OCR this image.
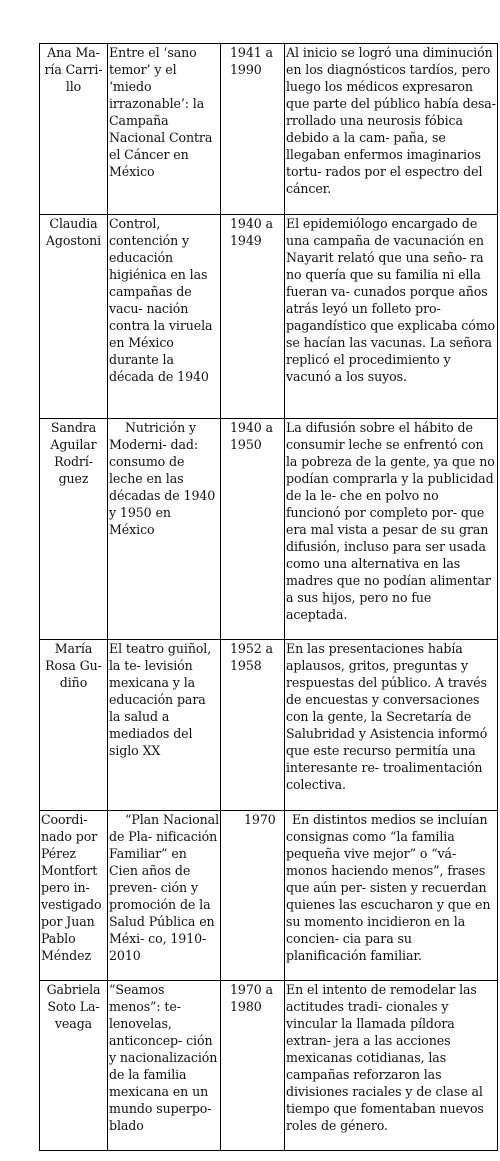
Ana Ma- ría Carri- llo	Entre el ‘sano temor’ y el ‘miedo irrazonable’: la Campaña Nacional Contra el Cáncer en México	1941 a 1990	Al inicio se logró una diminución en los diagnósticos tardíos, pero luego los médicos expresaron que parte del público había desa- rrollado una neurosis fóbica debido a la cam- paña, se llegaban enfermos imaginarios tortu- rados por el espectro del cáncer.
Claudia Agostoni	Control, contención y educación higiénica en las campañas de vacu- nación contra la viruela en México durante la década de 1940	1940 a 1949	El epidemiólogo encargado de una campaña de vacunación en Nayarit relató que una seño- ra no quería que su familia ni ella fueran va- cunados porque años atrás leyó un folleto pro- pagandístico que explicaba cómo se hacían las vacunas. La señora replicó el procedimiento y vacunó a los suyos.
Sandra Aguilar Rodrí- guez	Nutrición y Moderni- dad: consumo de leche en las décadas de 1940 y 1950 en México	1940 a 1950	La difusión sobre el hábito de consumir leche se enfrentó con la pobreza de la gente, ya que no podían comprarla y la publicidad de la le- che en polvo no funcionó por completo por- que era mal vista a pesar de su gran difusión, incluso para ser usada como una alternativa en las madres que no podían alimentar a sus hijos, pero no fue aceptada.
María Rosa Gu- diño	El teatro guiñol, la te- levisión mexicana y la educación para la salud a mediados del siglo XX	1952 a 1958	En las presentaciones había aplausos, gritos, preguntas y respuestas del público. A través de encuestas y conversaciones con la gente, la Secretaría de Salubridad y Asistencia informó que este recurso permitía una interesante re- troalimentación colectiva.
Coordi- nado por Pérez Montfort pero in- vestigado por Juan Pablo Méndez	“Plan Nacional de Pla- nificación Familiar” en Cien años de preven- ción y promoción de la Salud Pública en Méxi- co, 1910-2010	1970	En distintos medios se incluían consignas como “la familia pequeña vive mejor” o “vá- monos haciendo menos”, frases que aún per- sisten y recuerdan quienes las escucharon y que en su momento incidieron en la concien- cia para su planificación familiar.
Gabriela Soto La- veaga	“Seamos menos”: te- lenovelas, anticoncep- ción y nacionalización de la familia mexicana en un mundo superpo- blado	1970 a 1980	En el intento de remodelar las actitudes tradi- cionales y vincular la llamada píldora extran- jera a las acciones mexicanas cotidianas, las campañas reforzaron las divisiones raciales y de clase al tiempo que fomentaban nuevos roles de género.
